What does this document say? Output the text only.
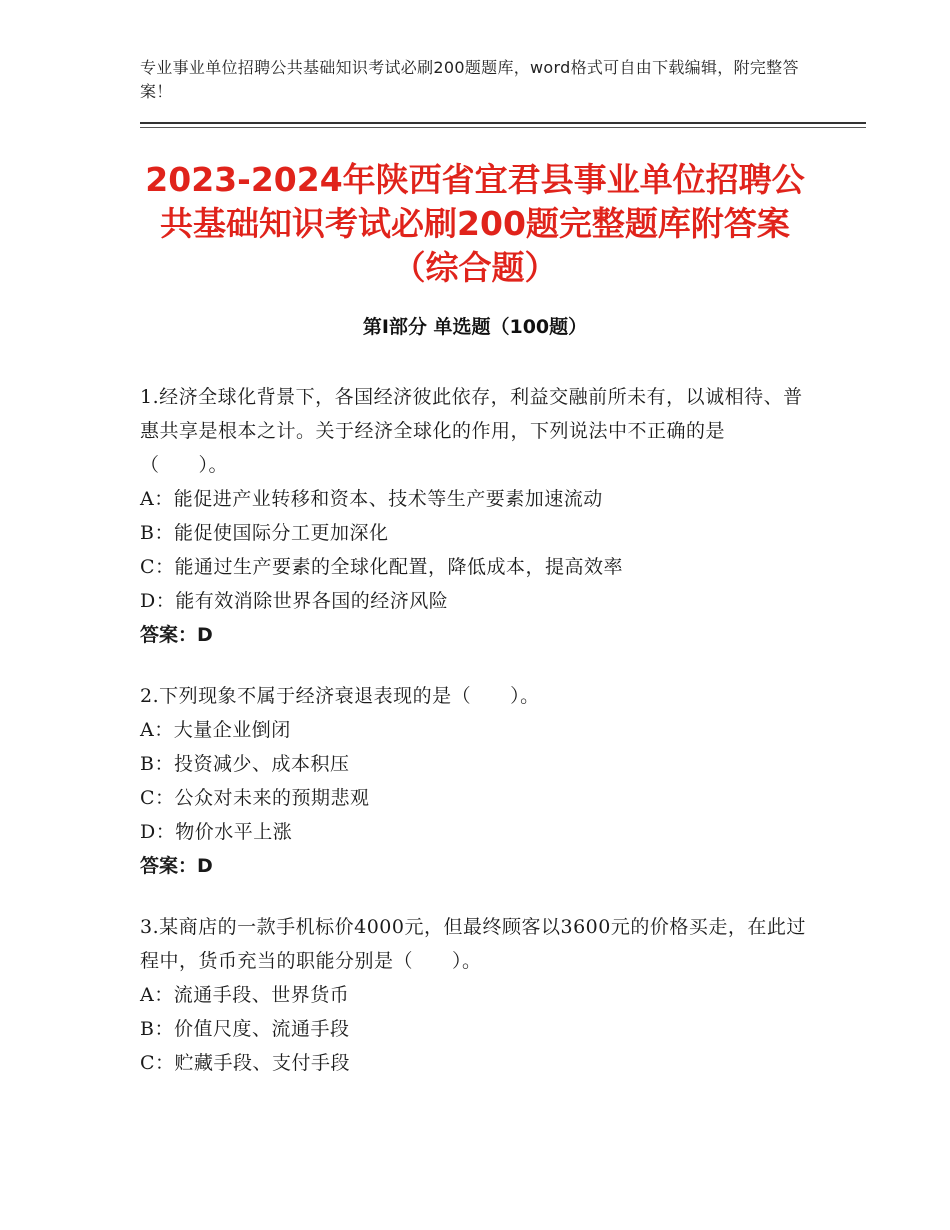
专业事业单位招聘公共基础知识考试必刷200题题库，word格式可自由下载编辑，附完整答案！
2023-2024年陕西省宜君县事业单位招聘公共基础知识考试必刷200题完整题库附答案（综合题）
第Ⅰ部分 单选题（100题）

1.经济全球化背景下，各国经济彼此依存，利益交融前所未有，以诚相待、普惠共享是根本之计。关于经济全球化的作用，下列说法中不正确的是（　　）。

A：能促进产业转移和资本、技术等生产要素加速流动

B：能促使国际分工更加深化

C：能通过生产要素的全球化配置，降低成本，提高效率

D：能有效消除世界各国的经济风险

答案：D

2.下列现象不属于经济衰退表现的是（　　）。

A：大量企业倒闭

B：投资减少、成本积压

C：公众对未来的预期悲观

D：物价水平上涨

答案：D

3.某商店的一款手机标价4000元，但最终顾客以3600元的价格买走，在此过程中，货币充当的职能分别是（　　）。

A：流通手段、世界货币

B：价值尺度、流通手段

C：贮藏手段、支付手段
